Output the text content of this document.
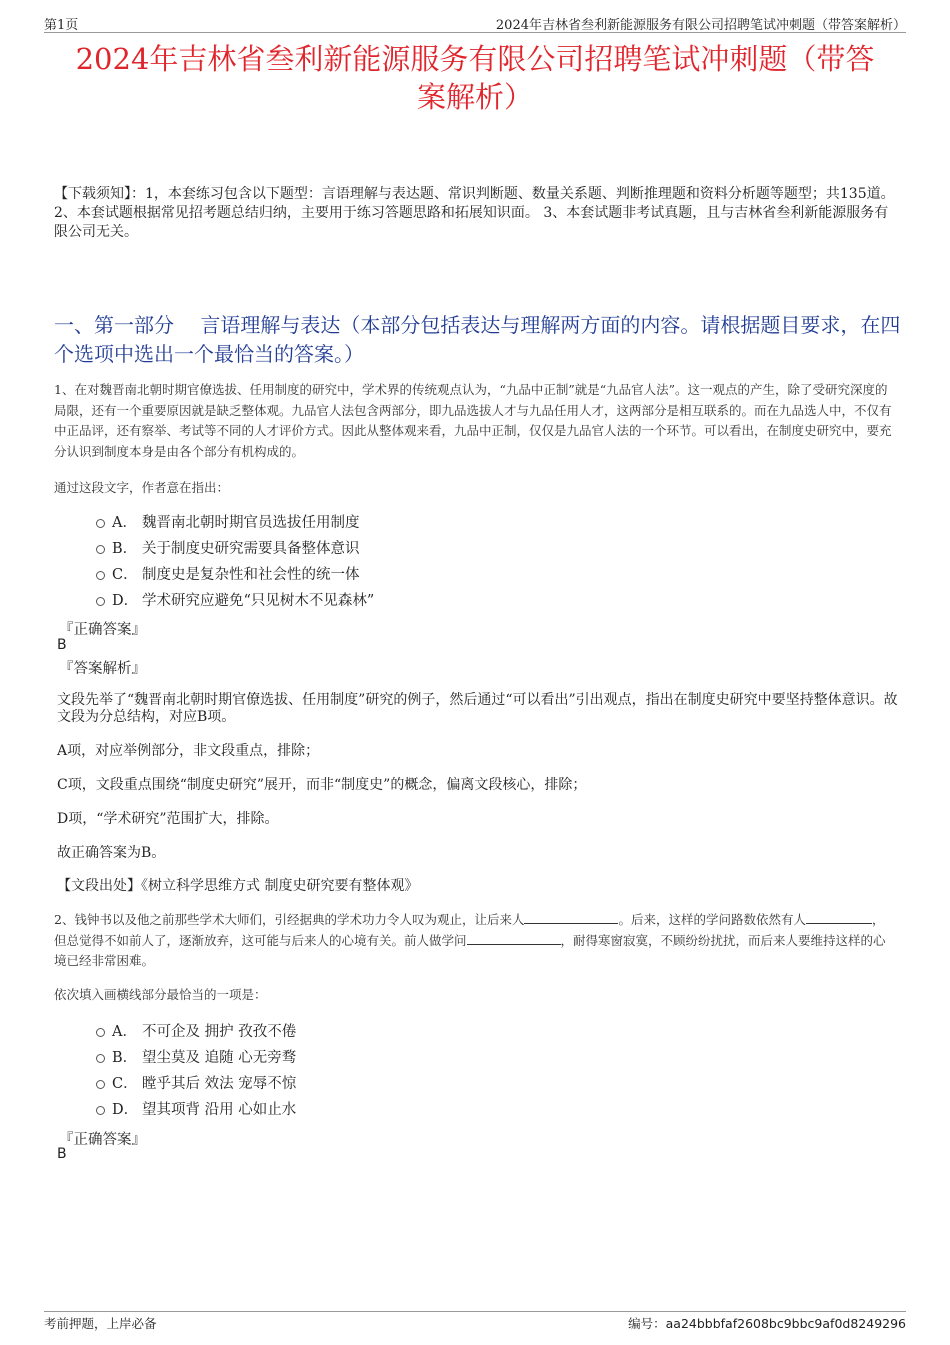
第1页	2024年吉林省叁利新能源服务有限公司招聘笔试冲刺题（带答案解析）
2024年吉林省叁利新能源服务有限公司招聘笔试冲刺题（带答
案解析）
【下载须知】：1，本套练习包含以下题型：言语理解与表达题、常识判断题、数量关系题、判断推理题和资料分析题等题型；共135道。 2、本套试题根据常见招考题总结归纳，主要用于练习答题思路和拓展知识面。 3、本套试题非考试真题，且与吉林省叁利新能源服务有限公司无关。
一、第一部分　 言语理解与表达（本部分包括表达与理解两方面的内容。请根据题目要求，在四个选项中选出一个最恰当的答案。）
1、在对魏晋南北朝时期官僚选拔、任用制度的研究中，学术界的传统观点认为，“九品中正制”就是“九品官人法”。这一观点的产生，除了受研究深度的局限，还有一个重要原因就是缺乏整体观。九品官人法包含两部分，即九品选拔人才与九品任用人才，这两部分是相互联系的。而在九品选人中，不仅有中正品评，还有察举、考试等不同的人才评价方式。因此从整体观来看，九品中正制，仅仅是九品官人法的一个环节。可以看出，在制度史研究中，要充分认识到制度本身是由各个部分有机构成的。
通过这段文字，作者意在指出：
A． 魏晋南北朝时期官员选拔任用制度
B． 关于制度史研究需要具备整体意识
C． 制度史是复杂性和社会性的统一体
D． 学术研究应避免“只见树木不见森林”
『正确答案』
B
『答案解析』
文段先举了“魏晋南北朝时期官僚选拔、任用制度”研究的例子，然后通过“可以看出”引出观点，指出在制度史研究中要坚持整体意识。故文段为分总结构，对应B项。
A项，对应举例部分，非文段重点，排除；
C项，文段重点围绕“制度史研究”展开，而非“制度史”的概念，偏离文段核心，排除；
D项，“学术研究”范围扩大，排除。
故正确答案为B。
【文段出处】《树立科学思维方式 制度史研究要有整体观》
2、钱钟书以及他之前那些学术大师们，引经据典的学术功力令人叹为观止，让后来人	。后来，这样的学问路数依然有人	，但总觉得不如前人了，逐渐放弃，这可能与后来人的心境有关。前人做学问	，耐得寒窗寂寞，不顾纷纷扰扰，而后来人要维持这样的心境已经非常困难。
依次填入画横线部分最恰当的一项是：
A． 不可企及 拥护 孜孜不倦
B． 望尘莫及 追随 心无旁骛
C． 瞠乎其后 效法 宠辱不惊
D． 望其项背 沿用 心如止水
『正确答案』
B
考前押题，上岸必备	编号：aa24bbbfaf2608bc9bbc9af0d8249296
